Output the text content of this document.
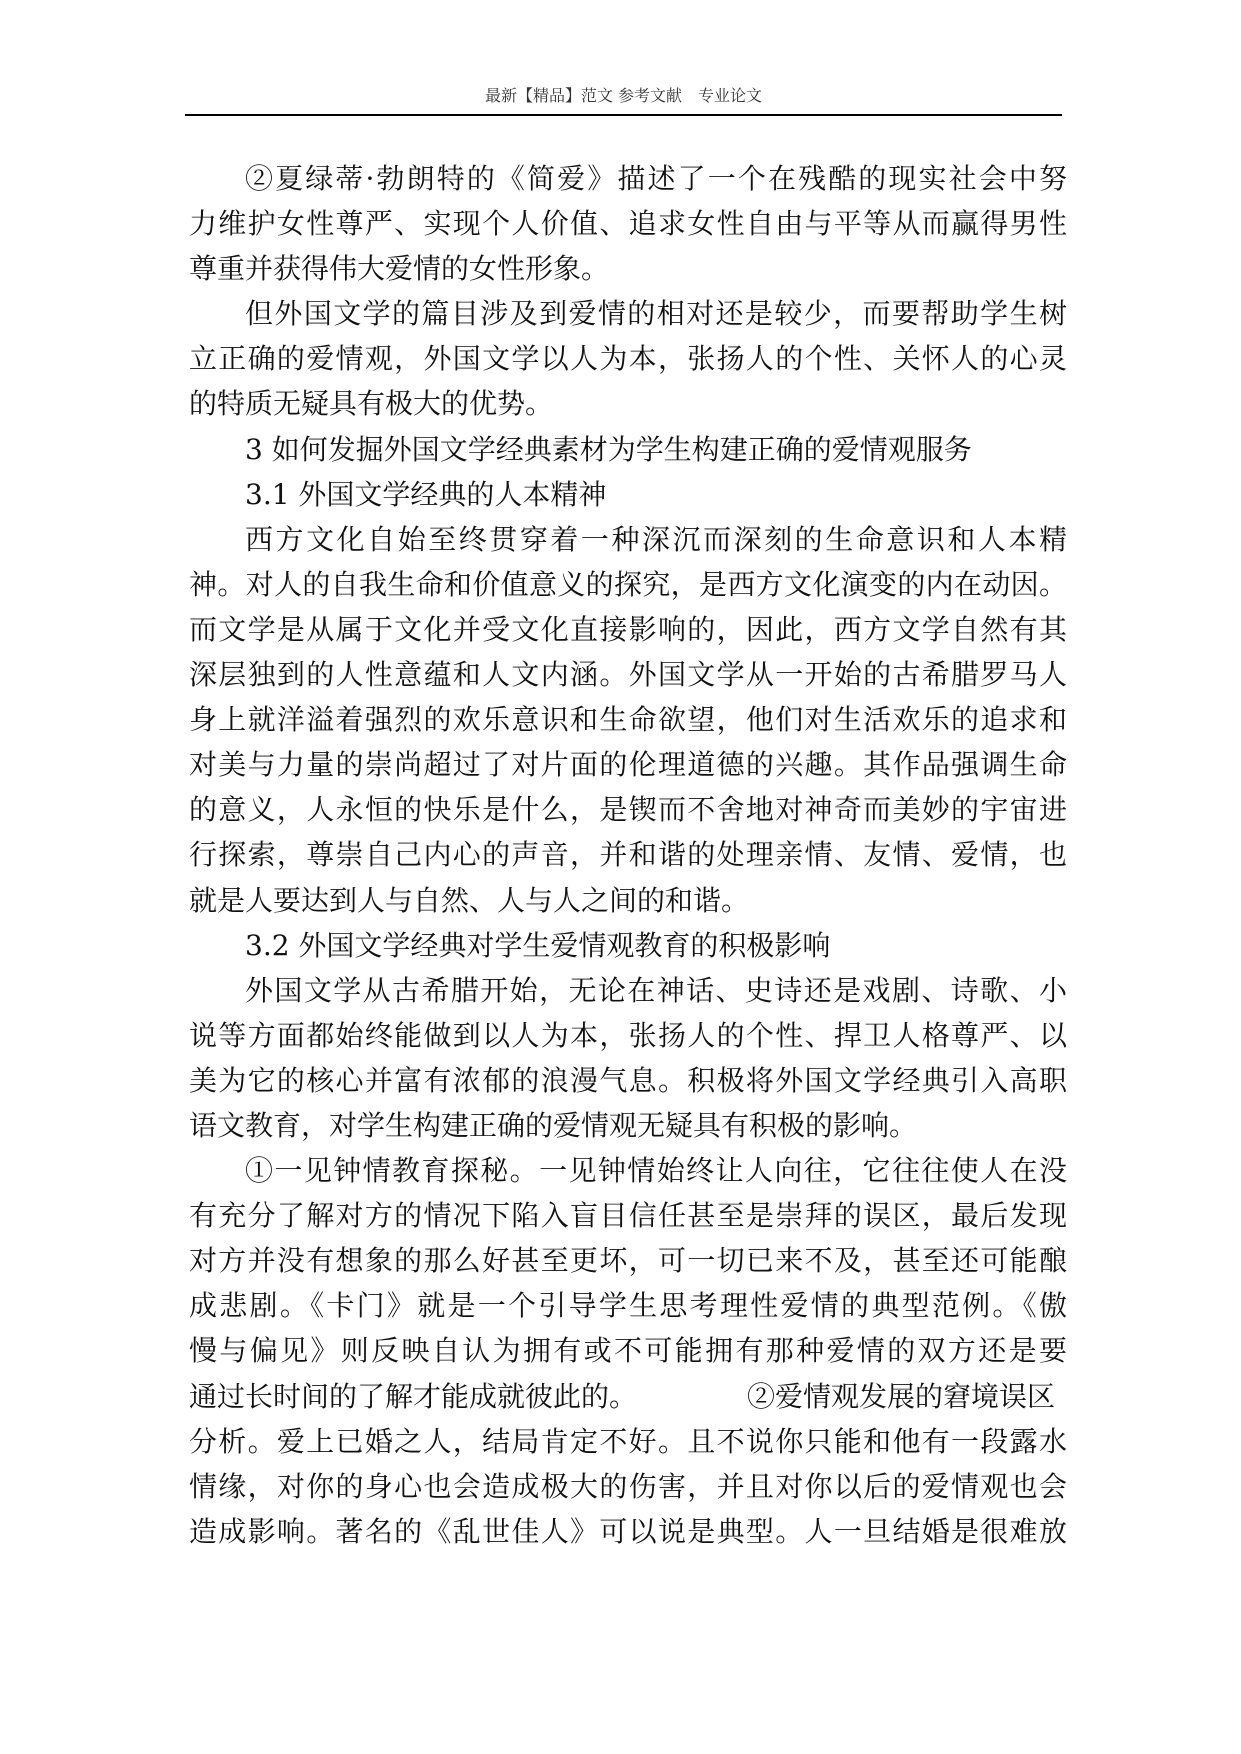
最新【精品】范文 参考文献　专业论文
②夏绿蒂·勃朗特的《简爱》描述了一个在残酷的现实社会中努
力维护女性尊严、实现个人价值、追求女性自由与平等从而赢得男性
尊重并获得伟大爱情的女性形象。
但外国文学的篇目涉及到爱情的相对还是较少，而要帮助学生树
立正确的爱情观，外国文学以人为本，张扬人的个性、关怀人的心灵
的特质无疑具有极大的优势。
3 如何发掘外国文学经典素材为学生构建正确的爱情观服务
3.1 外国文学经典的人本精神
西方文化自始至终贯穿着一种深沉而深刻的生命意识和人本精
神。对人的自我生命和价值意义的探究，是西方文化演变的内在动因。
而文学是从属于文化并受文化直接影响的，因此，西方文学自然有其
深层独到的人性意蕴和人文内涵。外国文学从一开始的古希腊罗马人
身上就洋溢着强烈的欢乐意识和生命欲望，他们对生活欢乐的追求和
对美与力量的崇尚超过了对片面的伦理道德的兴趣。其作品强调生命
的意义，人永恒的快乐是什么，是锲而不舍地对神奇而美妙的宇宙进
行探索，尊崇自己内心的声音，并和谐的处理亲情、友情、爱情，也
就是人要达到人与自然、人与人之间的和谐。
3.2 外国文学经典对学生爱情观教育的积极影响
外国文学从古希腊开始，无论在神话、史诗还是戏剧、诗歌、小
说等方面都始终能做到以人为本，张扬人的个性、捍卫人格尊严、以
美为它的核心并富有浓郁的浪漫气息。积极将外国文学经典引入高职
语文教育，对学生构建正确的爱情观无疑具有积极的影响。
①一见钟情教育探秘。一见钟情始终让人向往，它往往使人在没
有充分了解对方的情况下陷入盲目信任甚至是崇拜的误区，最后发现
对方并没有想象的那么好甚至更坏，可一切已来不及，甚至还可能酿
成悲剧。《卡门》就是一个引导学生思考理性爱情的典型范例。《傲
慢与偏见》则反映自认为拥有或不可能拥有那种爱情的双方还是要
通过长时间的了解才能成就彼此的。	②爱情观发展的窘境误区
分析。爱上已婚之人，结局肯定不好。且不说你只能和他有一段露水
情缘，对你的身心也会造成极大的伤害，并且对你以后的爱情观也会
造成影响。著名的《乱世佳人》可以说是典型。人一旦结婚是很难放
